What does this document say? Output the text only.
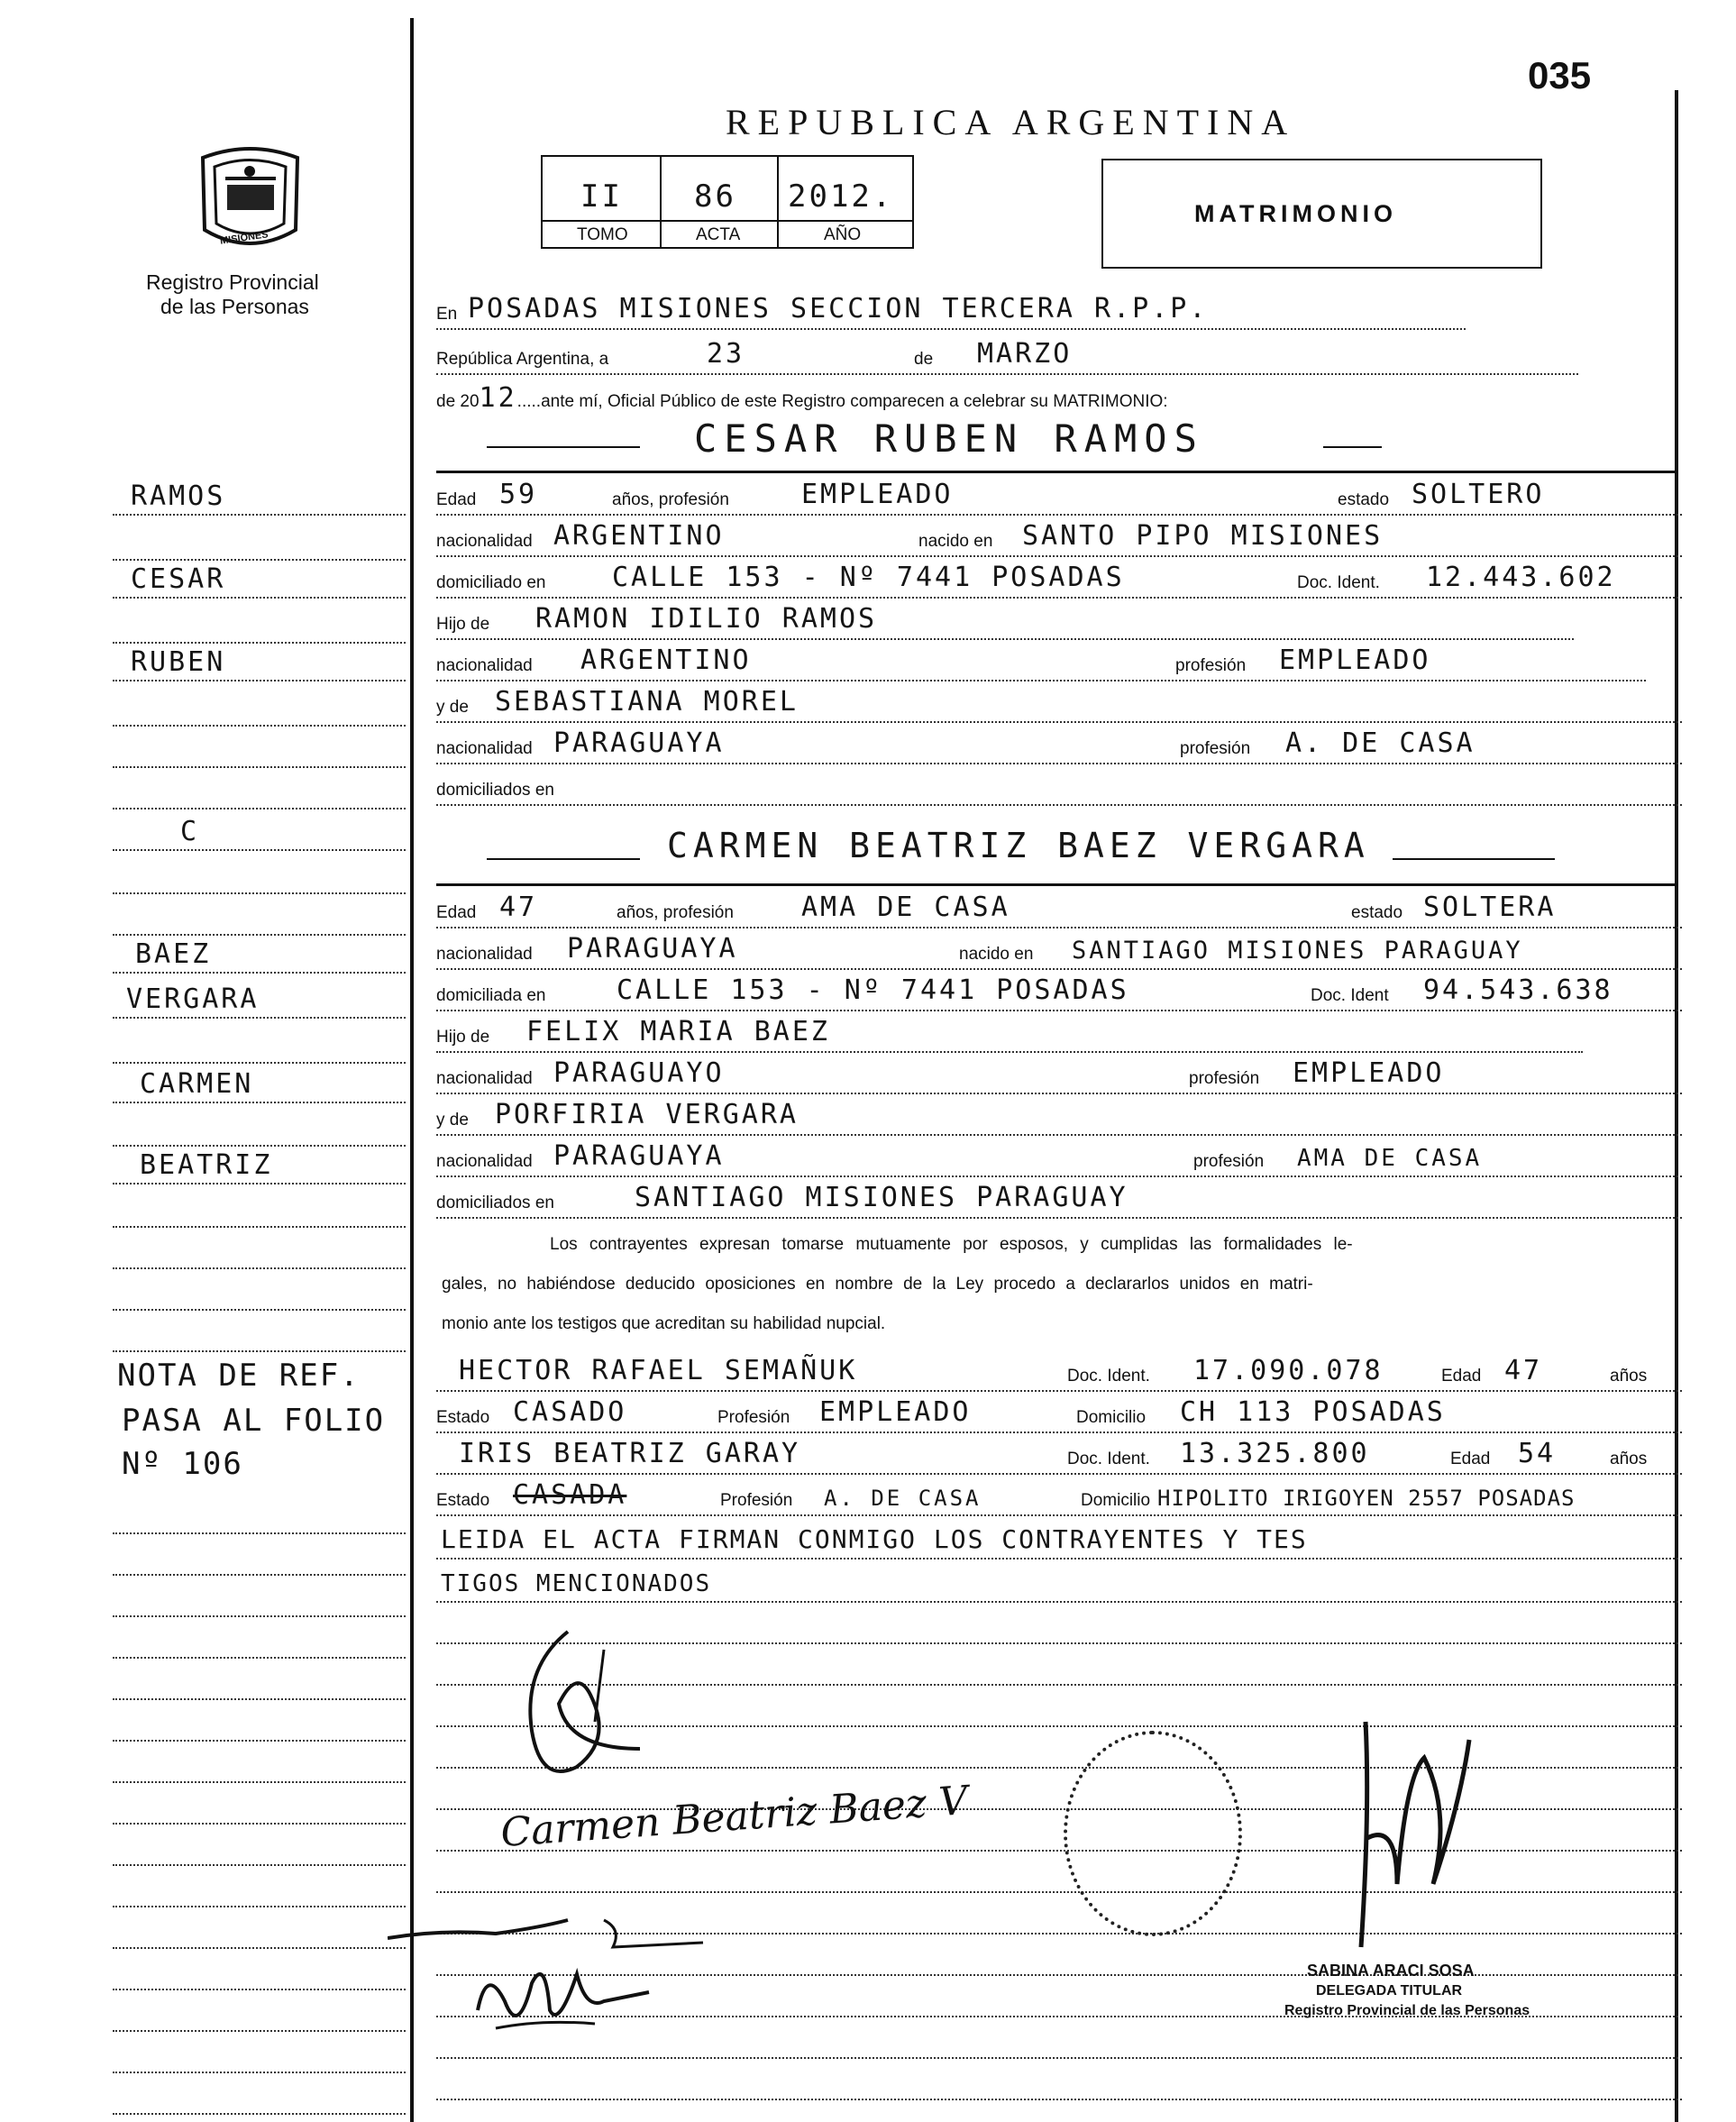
035
REPUBLICA ARGENTINA
MISIONES
Registro Provincial
de las Personas
II 86 2012.
TOMO	ACTA	AÑO
MATRIMONIO
En POSADAS MISIONES SECCION TERCERA R.P.P.
República Argentina, a	23	de MARZO
de 2012.....ante mí, Oficial Público de este Registro comparecen a celebrar su MATRIMONIO:
CESAR RUBEN RAMOS
Edad 59	años, profesión	EMPLEADO	estado SOLTERO
nacionalidad ARGENTINO	nacido en SANTO PIPO MISIONES
domiciliado en CALLE 153 - Nº 7441 POSADAS	Doc. Ident. 12.443.602
Hijo de RAMON IDILIO RAMOS
nacionalidad ARGENTINO	profesión EMPLEADO
y de SEBASTIANA MOREL
nacionalidad PARAGUAYA	profesión A. DE CASA
domiciliados en
CARMEN BEATRIZ BAEZ VERGARA
Edad 47	años, profesión	AMA DE CASA	estado SOLTERA
nacionalidad PARAGUAYA	nacido en SANTIAGO MISIONES PARAGUAY
domiciliada en	CALLE 153 - Nº 7441 POSADAS	Doc. Ident 94.543.638
Hijo de FELIX MARIA BAEZ
nacionalidad PARAGUAYO	profesión EMPLEADO
y de PORFIRIA VERGARA
nacionalidad PARAGUAYA	profesión AMA DE CASA
domiciliados en	SANTIAGO MISIONES PARAGUAY
Los contrayentes expresan tomarse mutuamente por esposos, y cumplidas las formalidades le-
gales, no habiéndose deducido oposiciones en nombre de la Ley procedo a declararlos unidos en matri-
monio ante los testigos que acreditan su habilidad nupcial.
HECTOR RAFAEL SEMAÑUK	Doc. Ident. 17.090.078	Edad 47	años
Estado CASADO	Profesión EMPLEADO	Domicilio CH 113 POSADAS
IRIS BEATRIZ GARAY	Doc. Ident. 13.325.800	Edad 54	años
Estado CASADA	Profesión A. DE CASA	Domicilio HIPOLITO IRIGOYEN 2557 POSADAS
LEIDA EL ACTA FIRMAN CONMIGO LOS CONTRAYENTES Y TES
TIGOS MENCIONADOS
Carmen Beatriz Baez V
SABINA ARACI SOSA
DELEGADA TITULAR
Registro Provincial de las Personas
RAMOS
CESAR
RUBEN
C
BAEZ
VERGARA
CARMEN
BEATRIZ
NOTA DE REF.
PASA AL FOLIO
Nº 106
